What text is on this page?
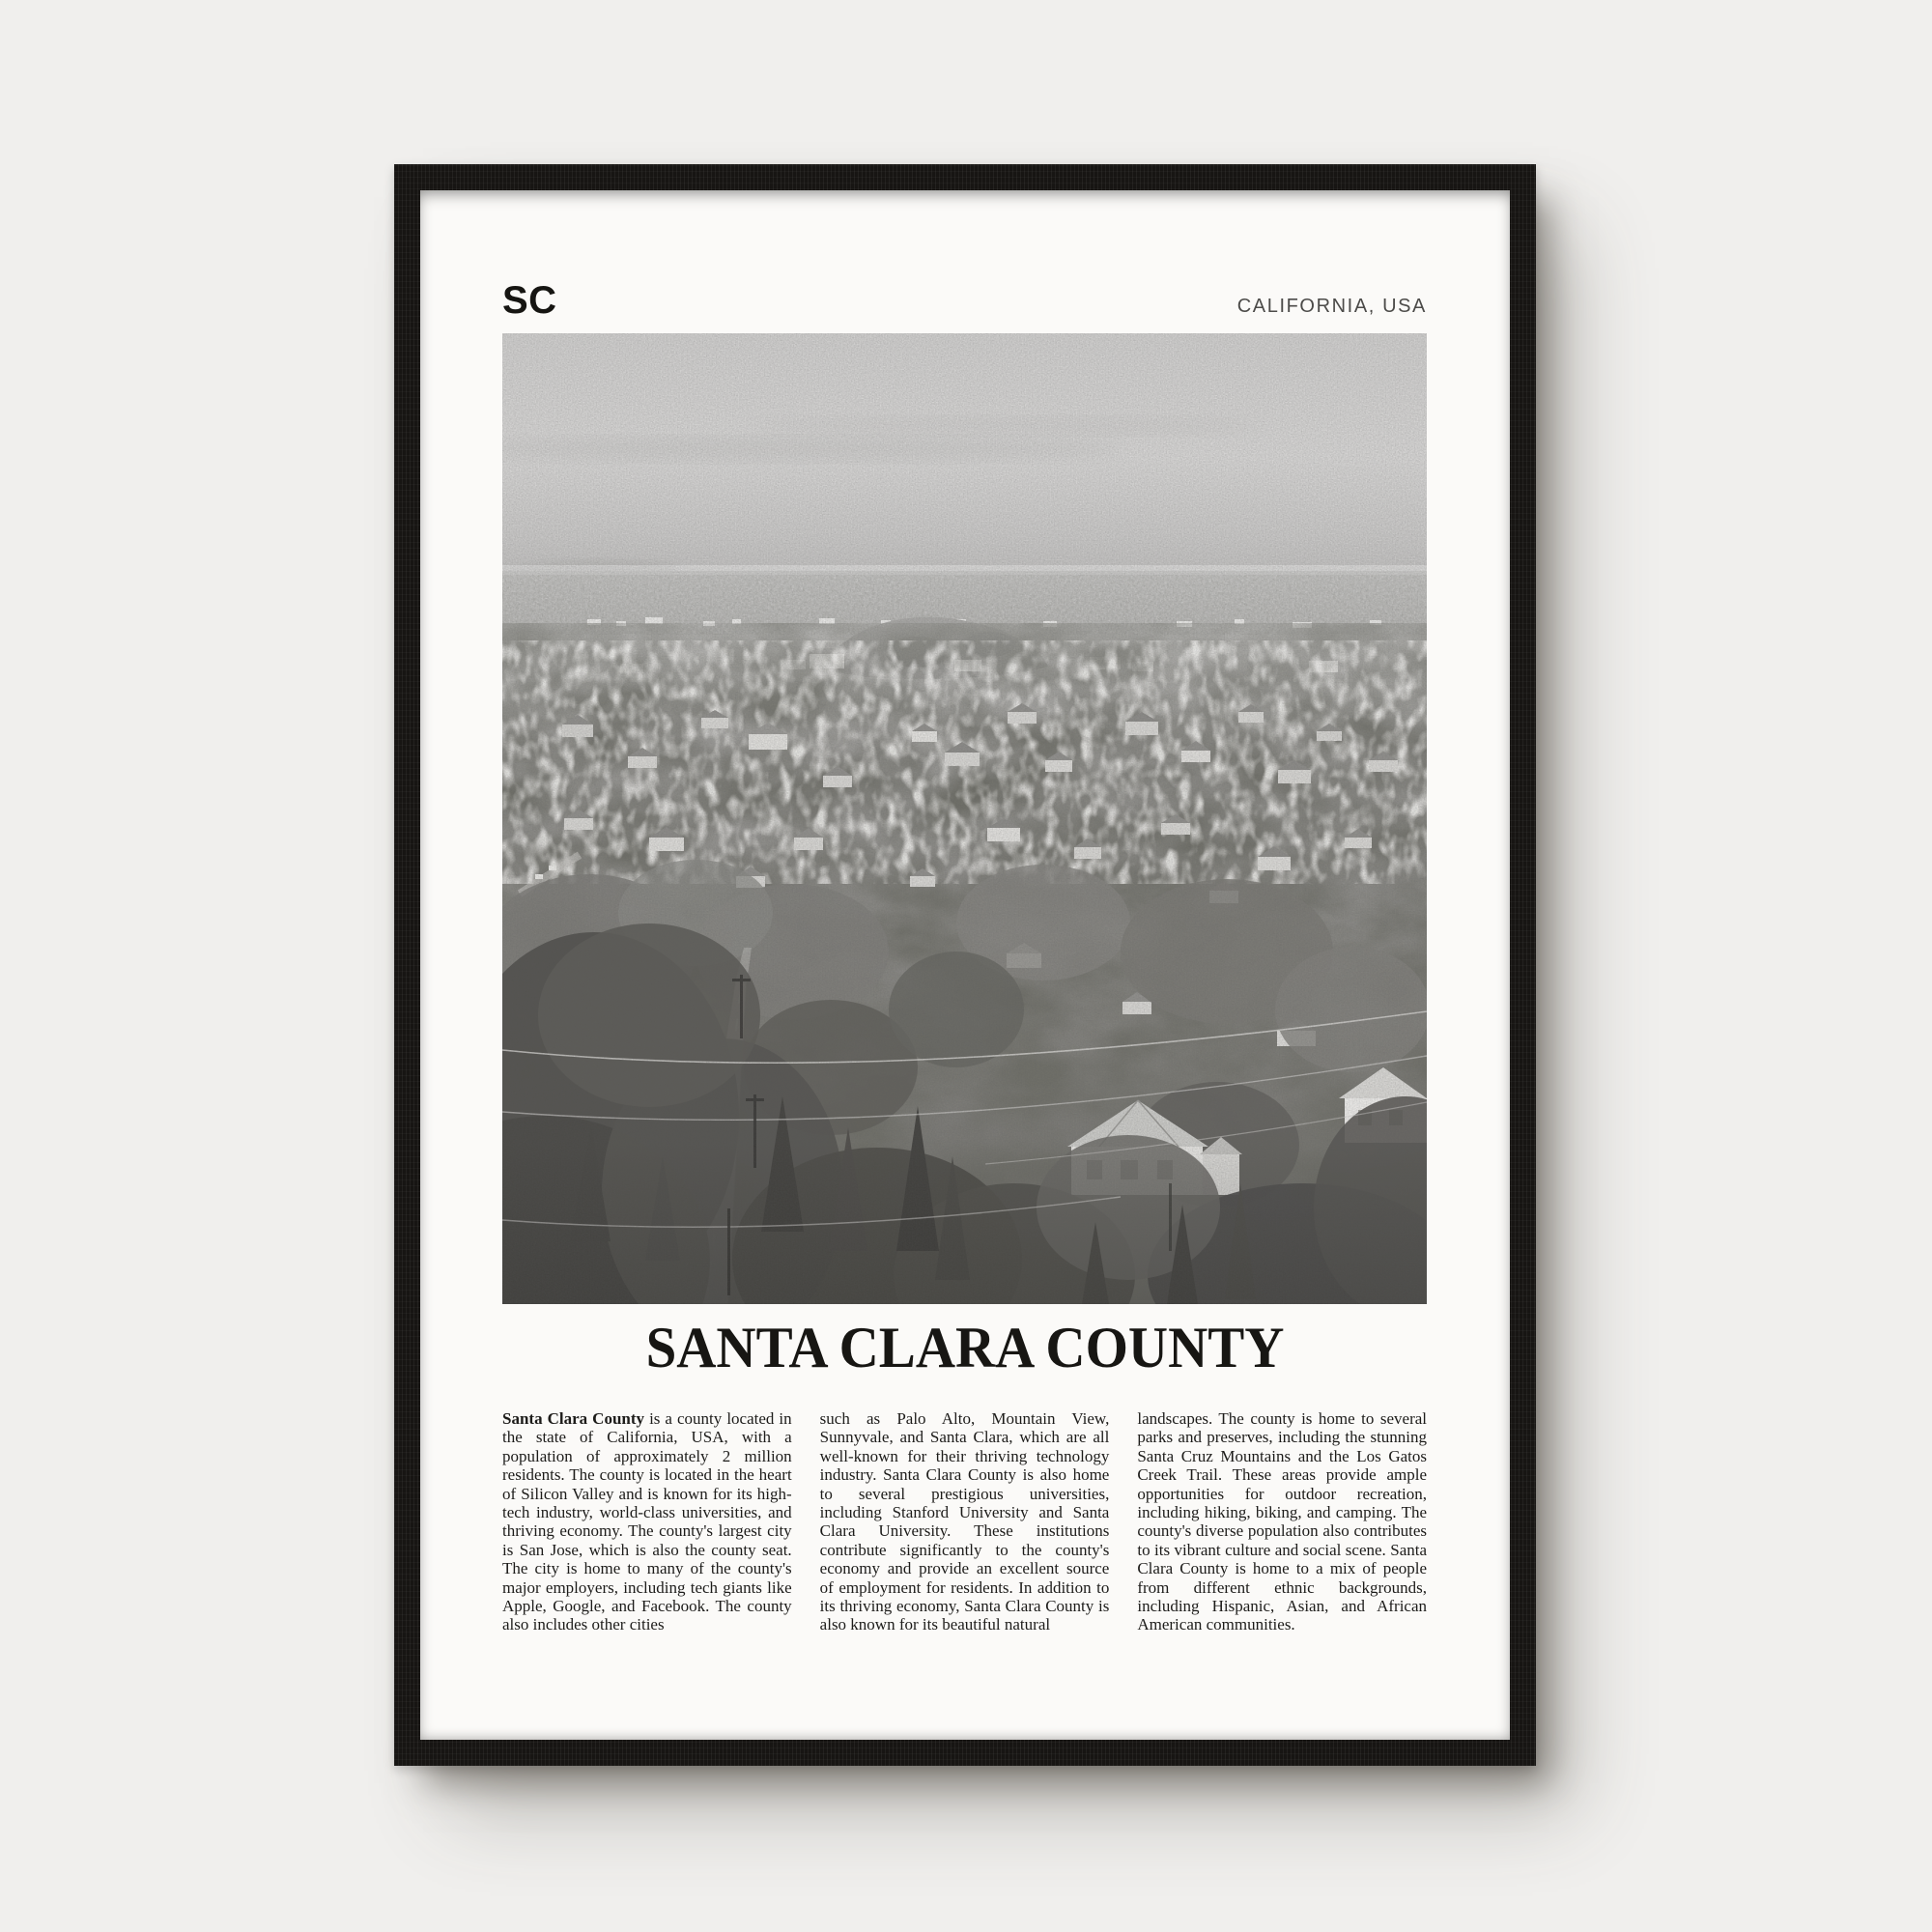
SC	CALIFORNIA, USA
SANTA CLARA COUNTY

Santa Clara County is a county located in the state of California, USA, with a population of approximately 2 million residents. The county is located in the heart of Silicon Valley and is known for its high-tech industry, world-class universities, and thriving economy. The county's largest city is San Jose, which is also the county seat. The city is home to many of the county's major employers, including tech giants like Apple, Google, and Facebook. The county also includes other cities

such as Palo Alto, Mountain View, Sunnyvale, and Santa Clara, which are all well-known for their thriving technology industry. Santa Clara County is also home to several prestigious universities, including Stanford University and Santa Clara University. These institutions contribute significantly to the county's economy and provide an excellent source of employment for residents. In addition to its thriving economy, Santa Clara County is also known for its beautiful natural

landscapes. The county is home to several parks and preserves, including the stunning Santa Cruz Mountains and the Los Gatos Creek Trail. These areas provide ample opportunities for outdoor recreation, including hiking, biking, and camping. The county's diverse population also contributes to its vibrant culture and social scene. Santa Clara County is home to a mix of people from different ethnic backgrounds, including Hispanic, Asian, and African American communities.
